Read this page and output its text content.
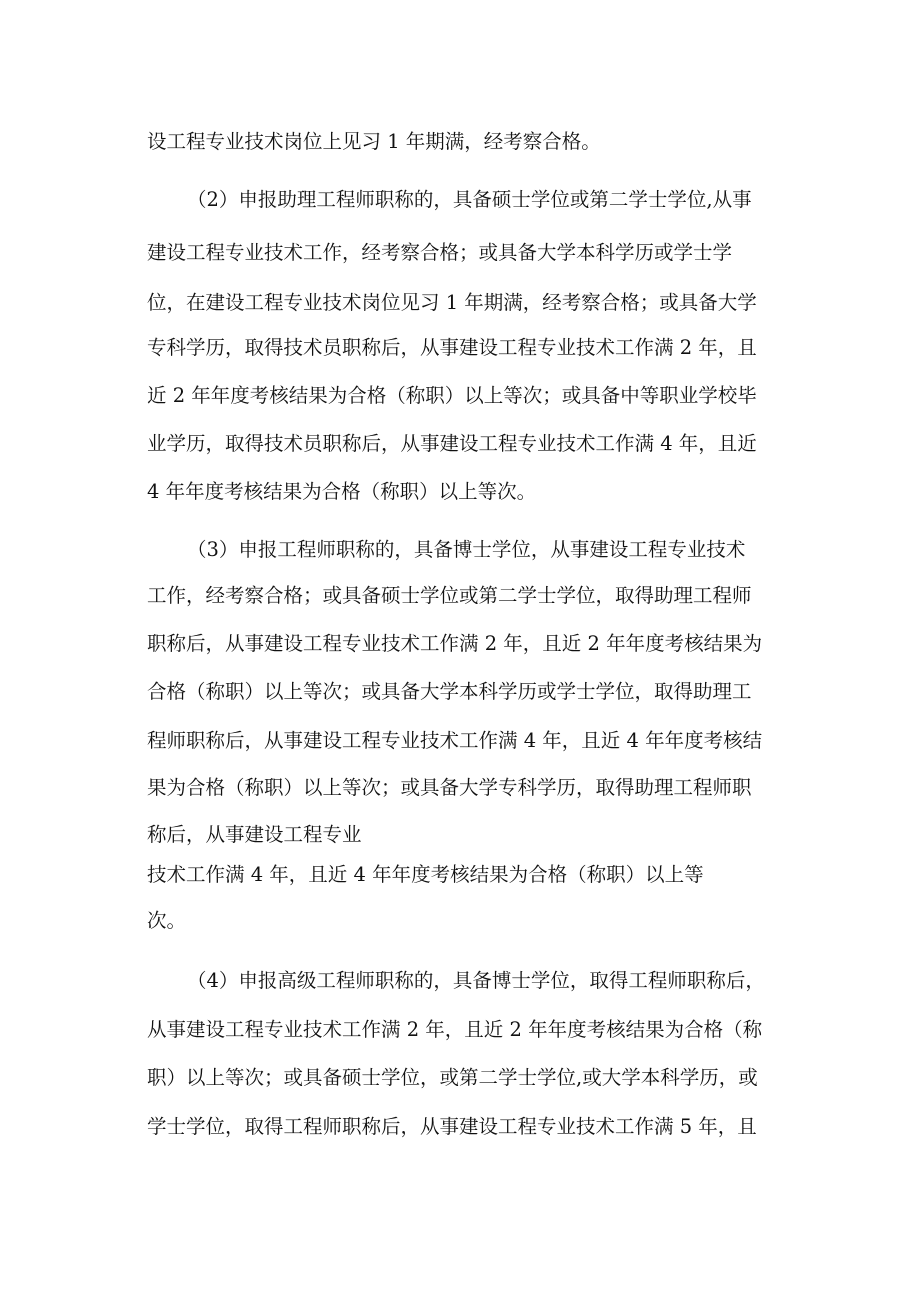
设工程专业技术岗位上见习 1 年期满，经考察合格。
（2）申报助理工程师职称的，具备硕士学位或第二学士学位,从事
建设工程专业技术工作，经考察合格；或具备大学本科学历或学士学
位，在建设工程专业技术岗位见习 1 年期满，经考察合格；或具备大学
专科学历，取得技术员职称后，从事建设工程专业技术工作满 2 年，且
近 2 年年度考核结果为合格（称职）以上等次；或具备中等职业学校毕
业学历，取得技术员职称后，从事建设工程专业技术工作满 4 年，且近
4 年年度考核结果为合格（称职）以上等次。
（3）申报工程师职称的，具备博士学位，从事建设工程专业技术
工作，经考察合格；或具备硕士学位或第二学士学位，取得助理工程师
职称后，从事建设工程专业技术工作满 2 年，且近 2 年年度考核结果为
合格（称职）以上等次；或具备大学本科学历或学士学位，取得助理工
程师职称后，从事建设工程专业技术工作满 4 年，且近 4 年年度考核结
果为合格（称职）以上等次；或具备大学专科学历，取得助理工程师职
称后，从事建设工程专业
技术工作满 4 年，且近 4 年年度考核结果为合格（称职）以上等
次。
（4）申报高级工程师职称的，具备博士学位，取得工程师职称后，
从事建设工程专业技术工作满 2 年，且近 2 年年度考核结果为合格（称
职）以上等次；或具备硕士学位，或第二学士学位,或大学本科学历，或
学士学位，取得工程师职称后，从事建设工程专业技术工作满 5 年，且
